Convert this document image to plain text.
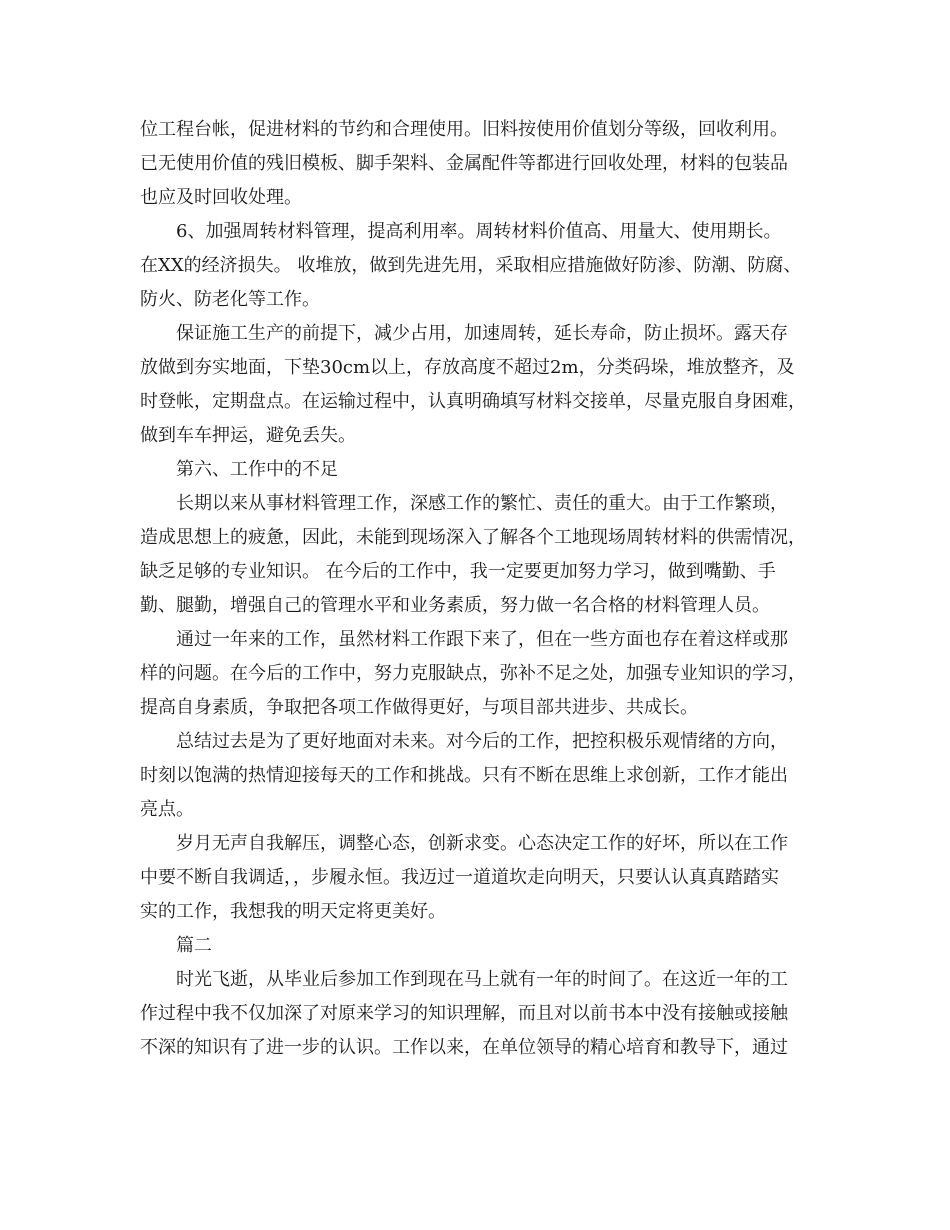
位工程台帐，促进材料的节约和合理使用。旧料按使用价值划分等级，回收利用。
已无使用价值的残旧模板、脚手架料、金属配件等都进行回收处理，材料的包装品
也应及时回收处理。
6、加强周转材料管理，提高利用率。周转材料价值高、用量大、使用期长。
在XX的经济损失。 收堆放，做到先进先用，采取相应措施做好防渗、防潮、防腐、
防火、防老化等工作。
保证施工生产的前提下，减少占用，加速周转，延长寿命，防止损坏。露天存
放做到夯实地面，下垫30cm以上，存放高度不超过2m，分类码垛，堆放整齐，及
时登帐，定期盘点。在运输过程中，认真明确填写材料交接单，尽量克服自身困难，
做到车车押运，避免丢失。
第六、工作中的不足
长期以来从事材料管理工作，深感工作的繁忙、责任的重大。由于工作繁琐，
造成思想上的疲惫，因此，未能到现场深入了解各个工地现场周转材料的供需情况，
缺乏足够的专业知识。 在今后的工作中，我一定要更加努力学习，做到嘴勤、手
勤、腿勤，增强自己的管理水平和业务素质，努力做一名合格的材料管理人员。
通过一年来的工作，虽然材料工作跟下来了，但在一些方面也存在着这样或那
样的问题。在今后的工作中，努力克服缺点，弥补不足之处，加强专业知识的学习，
提高自身素质，争取把各项工作做得更好，与项目部共进步、共成长。
总结过去是为了更好地面对未来。对今后的工作，把控积极乐观情绪的方向，
时刻以饱满的热情迎接每天的工作和挑战。只有不断在思维上求创新，工作才能出
亮点。
岁月无声自我解压，调整心态，创新求变。心态决定工作的好坏，所以在工作
中要不断自我调适，，步履永恒。我迈过一道道坎走向明天，只要认认真真踏踏实
实的工作，我想我的明天定将更美好。
篇二
时光飞逝，从毕业后参加工作到现在马上就有一年的时间了。在这近一年的工
作过程中我不仅加深了对原来学习的知识理解，而且对以前书本中没有接触或接触
不深的知识有了进一步的认识。工作以来，在单位领导的精心培育和教导下，通过
